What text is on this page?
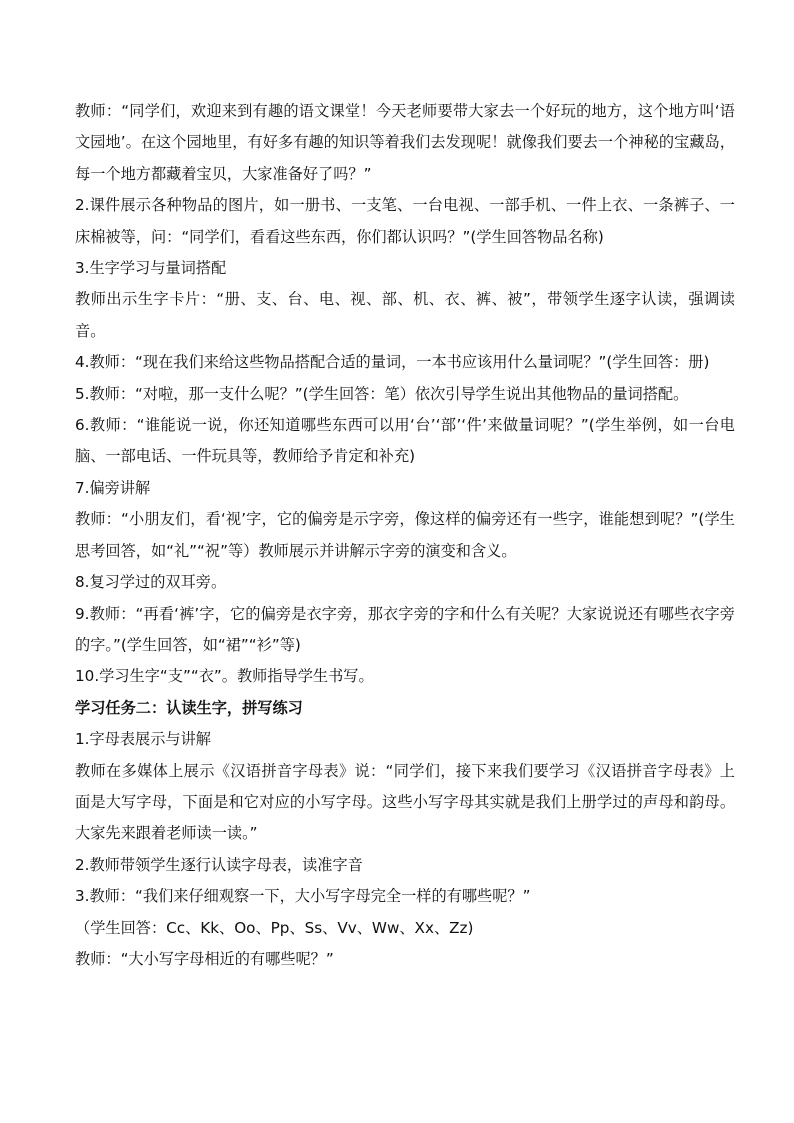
教师：“同学们，欢迎来到有趣的语文课堂！今天老师要带大家去一个好玩的地方，这个地方叫‘语文园地’。在这个园地里，有好多有趣的知识等着我们去发现呢！就像我们要去一个神秘的宝藏岛，每一个地方都藏着宝贝，大家准备好了吗？”

2.课件展示各种物品的图片，如一册书、一支笔、一台电视、一部手机、一件上衣、一条裤子、一床棉被等，问：“同学们，看看这些东西，你们都认识吗？”(学生回答物品名称)

3.生字学习与量词搭配

教师出示生字卡片：“册、支、台、电、视、部、机、衣、裤、被”，带领学生逐字认读，强调读音。

4.教师：“现在我们来给这些物品搭配合适的量词，一本书应该用什么量词呢？”(学生回答：册)

5.教师：“对啦，那一支什么呢？”(学生回答：笔）依次引导学生说出其他物品的量词搭配。

6.教师：“谁能说一说，你还知道哪些东西可以用‘台’‘部’‘件’来做量词呢？”(学生举例，如一台电脑、一部电话、一件玩具等，教师给予肯定和补充)

7.偏旁讲解

教师：“小朋友们，看‘视’字，它的偏旁是示字旁，像这样的偏旁还有一些字，谁能想到呢？”(学生思考回答，如“礼”“祝”等）教师展示并讲解示字旁的演变和含义。

8.复习学过的双耳旁。

9.教师：“再看‘裤’字，它的偏旁是衣字旁，那衣字旁的字和什么有关呢？大家说说还有哪些衣字旁的字。”(学生回答，如“裙”“衫”等)

10.学习生字“支”“衣”。教师指导学生书写。

学习任务二：认读生字，拼写练习

1.字母表展示与讲解

教师在多媒体上展示《汉语拼音字母表》说：“同学们，接下来我们要学习《汉语拼音字母表》上面是大写字母，下面是和它对应的小写字母。这些小写字母其实就是我们上册学过的声母和韵母。大家先来跟着老师读一读。”

2.教师带领学生逐行认读字母表，读准字音

3.教师：“我们来仔细观察一下，大小写字母完全一样的有哪些呢？”

（学生回答：Cc、Kk、Oo、Pp、Ss、Vv、Ww、Xx、Zz)

教师：“大小写字母相近的有哪些呢？”
